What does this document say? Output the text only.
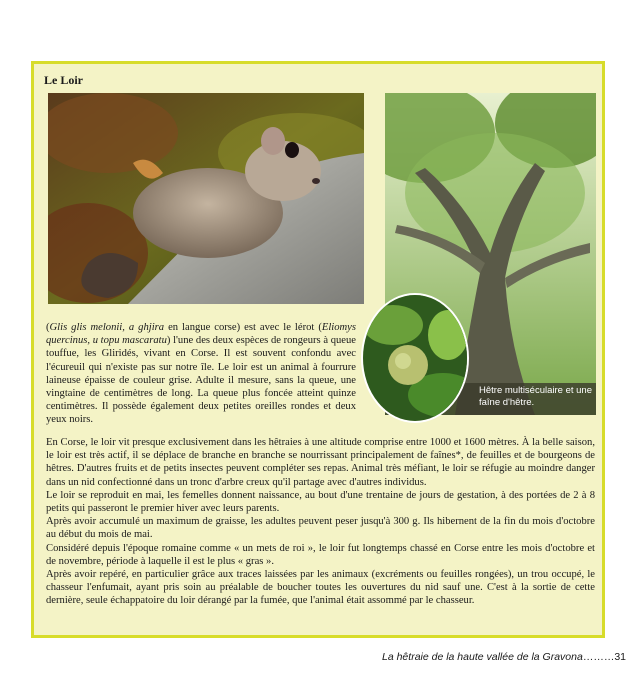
Le Loir
Hêtre multiséculaire et une faîne d'hêtre.
(Glis glis melonii, a ghjira en langue corse) est avec le lérot (Eliomys quercinus, u topu mascaratu) l'une des deux espèces de rongeurs à queue touffue, les Gliridés, vivant en Corse. Il est souvent confondu avec l'écureuil qui n'existe pas sur notre île. Le loir est un animal à fourrure laineuse épaisse de couleur grise. Adulte il mesure, sans la queue, une vingtaine de centimètres de long. La queue plus foncée atteint quinze centimètres. Il possède également deux petites oreilles rondes et deux yeux noirs.
En Corse, le loir vit presque exclusivement dans les hêtraies à une altitude comprise entre 1000 et 1600 mètres. À la belle saison, le loir est très actif, il se déplace de branche en branche se nourrissant principalement de faînes*, de feuilles et de bourgeons de hêtres. D'autres fruits et de petits insectes peuvent compléter ses repas. Animal très méfiant, le loir se réfugie au moindre danger dans un nid confectionné dans un tronc d'arbre creux qu'il partage avec d'autres individus.
Le loir se reproduit en mai, les femelles donnent naissance, au bout d'une trentaine de jours de gestation, à des portées de 2 à 8 petits qui passeront le premier hiver avec leurs parents.
Après avoir accumulé un maximum de graisse, les adultes peuvent peser jusqu'à 300 g. Ils hibernent de la fin du mois d'octobre au début du mois de mai.
Considéré depuis l'époque romaine comme « un mets de roi », le loir fut longtemps chassé en Corse entre les mois d'octobre et de novembre, période à laquelle il est le plus « gras ».
Après avoir repéré, en particulier grâce aux traces laissées par les animaux (excréments ou feuilles rongées), un trou occupé, le chasseur l'enfumait, ayant pris soin au préalable de boucher toutes les ouvertures du nid sauf une. C'est à la sortie de cette dernière, seule échappatoire du loir dérangé par la fumée, que l'animal était assommé par le chasseur.
La hêtraie de la haute vallée de la Gravona………31
